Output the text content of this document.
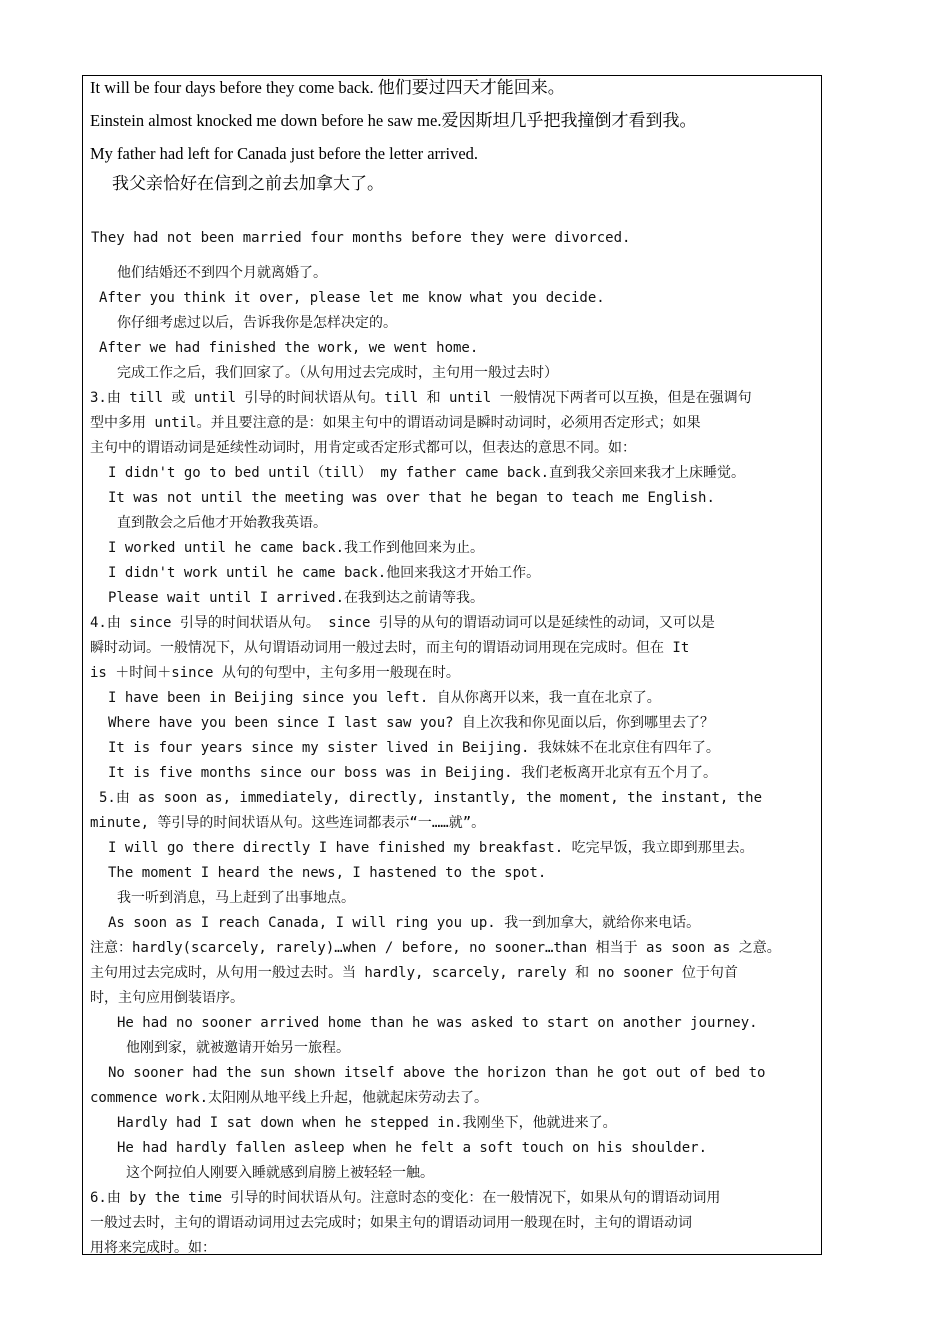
It will be four days before they come back. 他们要过四天才能回来。
Einstein almost knocked me down before he saw me.爱因斯坦几乎把我撞倒才看到我。
My father had left for Canada just before the letter arrived.
我父亲恰好在信到之前去加拿大了。
They had not been married four months before they were divorced.
他们结婚还不到四个月就离婚了。
After you think it over, please let me know what you decide.
你仔细考虑过以后，告诉我你是怎样决定的。
After we had finished the work, we went home.
完成工作之后，我们回家了。（从句用过去完成时，主句用一般过去时）
3.由 till 或 until 引导的时间状语从句。till 和 until 一般情况下两者可以互换，但是在强调句
型中多用 until。并且要注意的是：如果主句中的谓语动词是瞬时动词时，必须用否定形式；如果
主句中的谓语动词是延续性动词时，用肯定或否定形式都可以，但表达的意思不同。如：
I didn't go to bed until（till） my father came back.直到我父亲回来我才上床睡觉。
It was not until the meeting was over that he began to teach me English.
直到散会之后他才开始教我英语。
I worked until he came back.我工作到他回来为止。
I didn't work until he came back.他回来我这才开始工作。
Please wait until I arrived.在我到达之前请等我。
4.由 since 引导的时间状语从句。 since 引导的从句的谓语动词可以是延续性的动词，又可以是
瞬时动词。一般情况下，从句谓语动词用一般过去时，而主句的谓语动词用现在完成时。但在 It
is ＋时间＋since 从句的句型中，主句多用一般现在时。
I have been in Beijing since you left. 自从你离开以来，我一直在北京了。
Where have you been since I last saw you? 自上次我和你见面以后，你到哪里去了？
It is four years since my sister lived in Beijing. 我妹妹不在北京住有四年了。
It is five months since our boss was in Beijing. 我们老板离开北京有五个月了。
5.由 as soon as, immediately, directly, instantly, the moment, the instant, the
minute, 等引导的时间状语从句。这些连词都表示“一……就”。
I will go there directly I have finished my breakfast. 吃完早饭，我立即到那里去。
The moment I heard the news, I hastened to the spot.
我一听到消息，马上赶到了出事地点。
As soon as I reach Canada, I will ring you up. 我一到加拿大，就给你来电话。
注意：hardly(scarcely, rarely)…when / before, no sooner…than 相当于 as soon as 之意。
主句用过去完成时，从句用一般过去时。当 hardly, scarcely, rarely 和 no sooner 位于句首
时，主句应用倒装语序。
He had no sooner arrived home than he was asked to start on another journey.
他刚到家，就被邀请开始另一旅程。
No sooner had the sun shown itself above the horizon than he got out of bed to
commence work.太阳刚从地平线上升起，他就起床劳动去了。
Hardly had I sat down when he stepped in.我刚坐下，他就进来了。
He had hardly fallen asleep when he felt a soft touch on his shoulder.
这个阿拉伯人刚要入睡就感到肩膀上被轻轻一触。
6.由 by the time 引导的时间状语从句。注意时态的变化：在一般情况下，如果从句的谓语动词用
一般过去时，主句的谓语动词用过去完成时；如果主句的谓语动词用一般现在时，主句的谓语动词
用将来完成时。如：
